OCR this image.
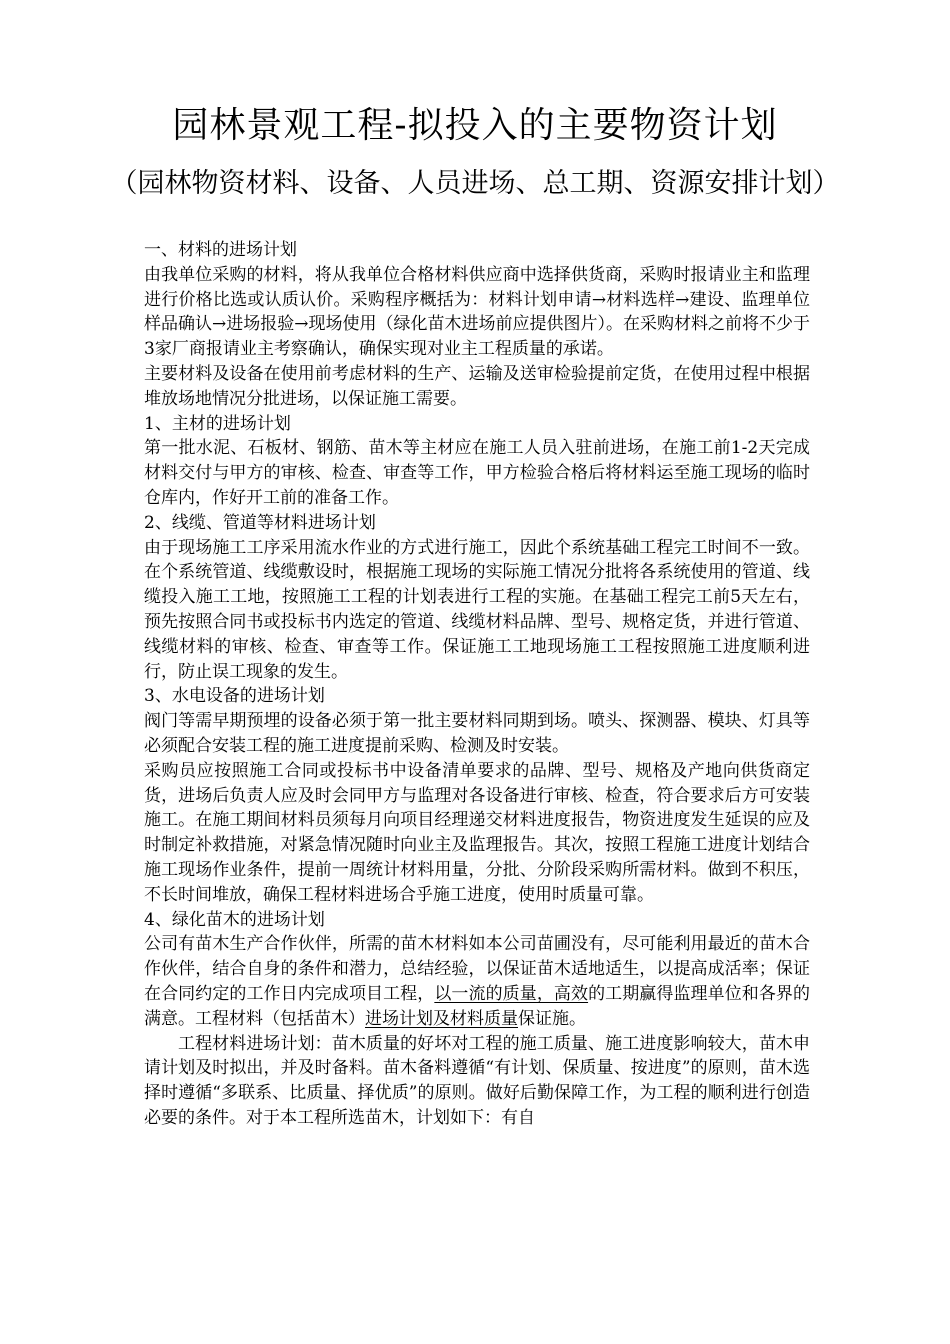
园林景观工程-拟投入的主要物资计划
（园林物资材料、设备、人员进场、总工期、资源安排计划）

一、材料的进场计划

由我单位采购的材料，将从我单位合格材料供应商中选择供货商，采购时报请业主和监理进行价格比选或认质认价。采购程序概括为：材料计划申请→材料选样→建设、监理单位样品确认→进场报验→现场使用（绿化苗木进场前应提供图片）。在采购材料之前将不少于3家厂商报请业主考察确认，确保实现对业主工程质量的承诺。

主要材料及设备在使用前考虑材料的生产、运输及送审检验提前定货，在使用过程中根据堆放场地情况分批进场，以保证施工需要。

1、主材的进场计划

第一批水泥、石板材、钢筋、苗木等主材应在施工人员入驻前进场，在施工前1-2天完成材料交付与甲方的审核、检查、审查等工作，甲方检验合格后将材料运至施工现场的临时仓库内，作好开工前的准备工作。

2、线缆、管道等材料进场计划

由于现场施工工序采用流水作业的方式进行施工，因此个系统基础工程完工时间不一致。在个系统管道、线缆敷设时，根据施工现场的实际施工情况分批将各系统使用的管道、线缆投入施工工地，按照施工工程的计划表进行工程的实施。在基础工程完工前5天左右，预先按照合同书或投标书内选定的管道、线缆材料品牌、型号、规格定货，并进行管道、线缆材料的审核、检查、审查等工作。保证施工工地现场施工工程按照施工进度顺利进行，防止误工现象的发生。

3、水电设备的进场计划

阀门等需早期预埋的设备必须于第一批主要材料同期到场。喷头、探测器、模块、灯具等必须配合安装工程的施工进度提前采购、检测及时安装。

采购员应按照施工合同或投标书中设备清单要求的品牌、型号、规格及产地向供货商定货，进场后负责人应及时会同甲方与监理对各设备进行审核、检查，符合要求后方可安装施工。在施工期间材料员须每月向项目经理递交材料进度报告，物资进度发生延误的应及时制定补救措施，对紧急情况随时向业主及监理报告。其次，按照工程施工进度计划结合施工现场作业条件，提前一周统计材料用量，分批、分阶段采购所需材料。做到不积压，不长时间堆放，确保工程材料进场合乎施工进度，使用时质量可靠。

4、绿化苗木的进场计划

公司有苗木生产合作伙伴，所需的苗木材料如本公司苗圃没有，尽可能利用最近的苗木合作伙伴，结合自身的条件和潜力，总结经验，以保证苗木适地适生，以提高成活率；保证在合同约定的工作日内完成项目工程，以一流的质量，高效的工期赢得监理单位和各界的满意。工程材料（包括苗木）进场计划及材料质量保证施。

工程材料进场计划：苗木质量的好坏对工程的施工质量、施工进度影响较大，苗木申请计划及时拟出，并及时备料。苗木备料遵循“有计划、保质量、按进度”的原则，苗木选择时遵循“多联系、比质量、择优质”的原则。做好后勤保障工作，为工程的顺利进行创造必要的条件。对于本工程所选苗木，计划如下：有自
